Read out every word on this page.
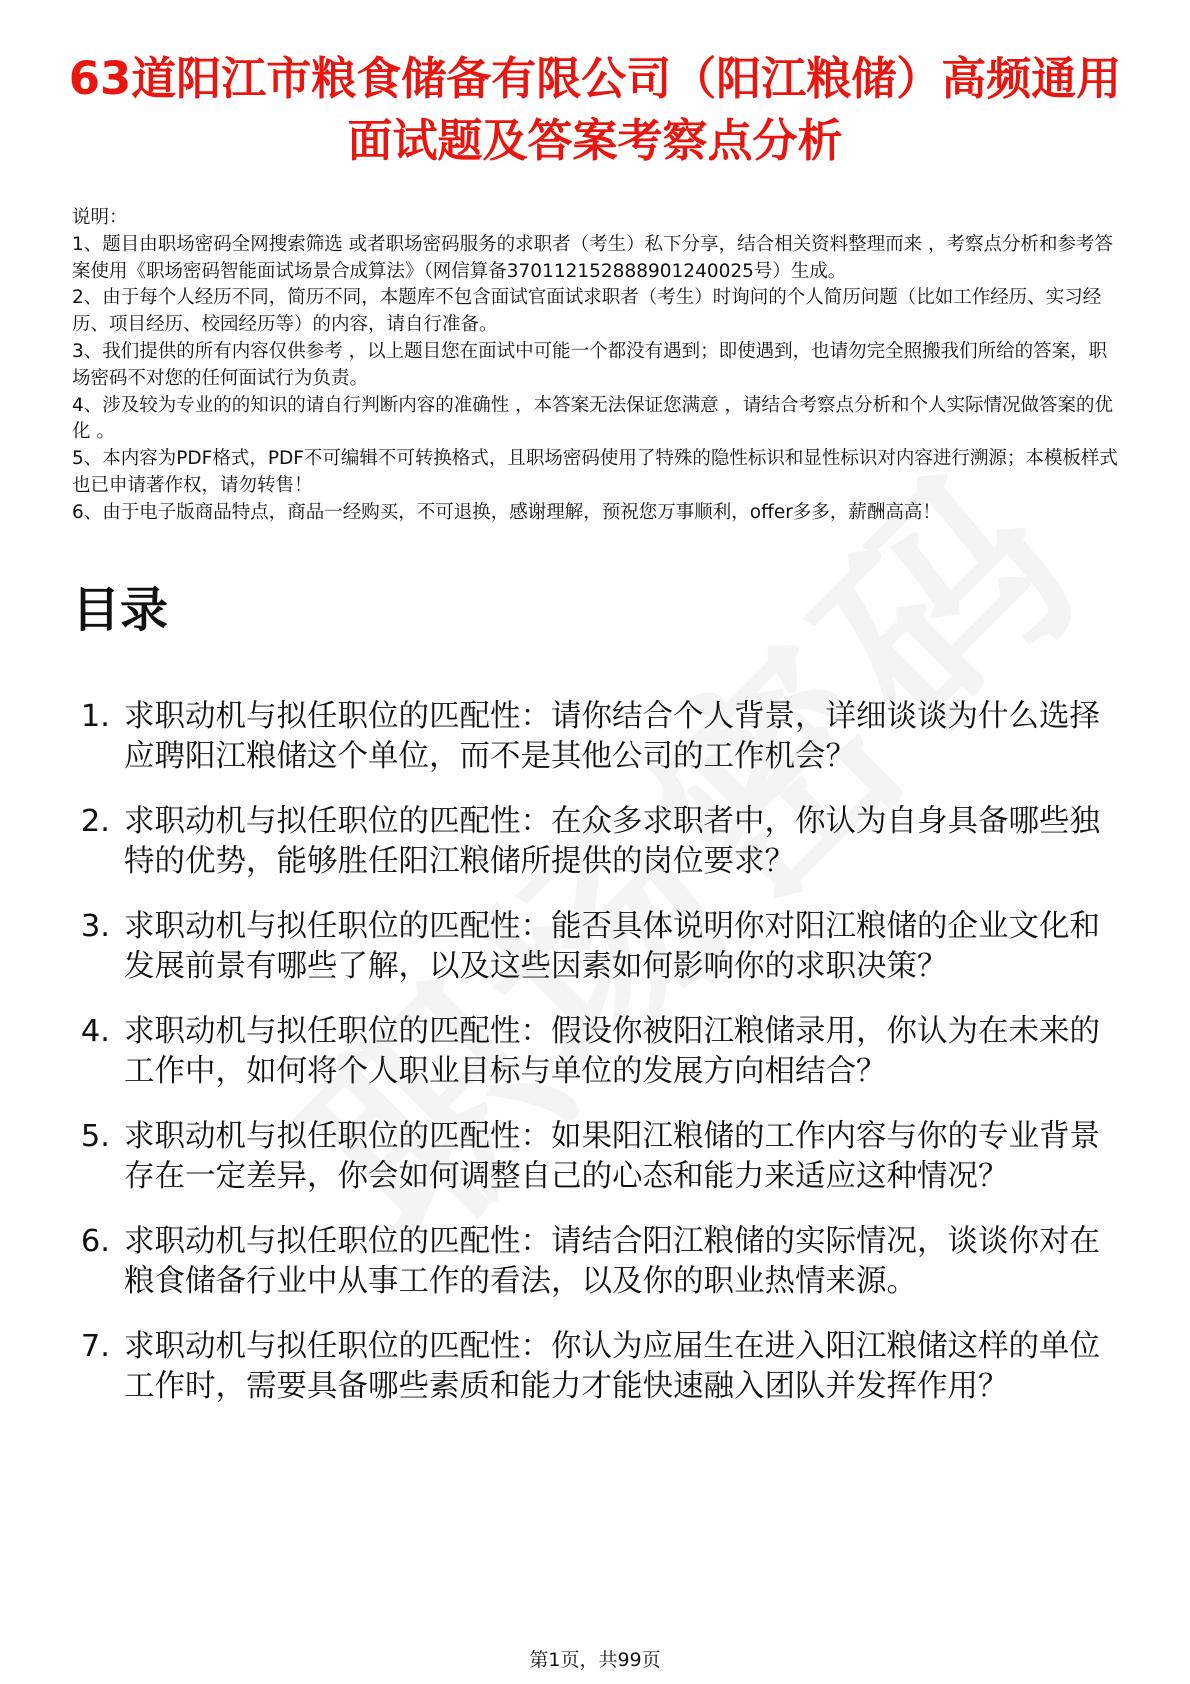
63道阳江市粮食储备有限公司（阳江粮储）高频通用面试题及答案考察点分析

说明：

1、题目由职场密码全网搜索筛选 或者职场密码服务的求职者（考生）私下分享，结合相关资料整理而来 ，考察点分析和参考答案使用《职场密码智能面试场景合成算法》（网信算备370112152888901240025号）生成。

2、由于每个人经历不同，简历不同，本题库不包含面试官面试求职者（考生）时询问的个人简历问题（比如工作经历、实习经历、项目经历、校园经历等）的内容，请自行准备。

3、我们提供的所有内容仅供参考 ，以上题目您在面试中可能一个都没有遇到；即使遇到，也请勿完全照搬我们所给的答案，职场密码不对您的任何面试行为负责。

4、涉及较为专业的的知识的请自行判断内容的准确性 ，本答案无法保证您满意 ，请结合考察点分析和个人实际情况做答案的优化 。

5、本内容为PDF格式，PDF不可编辑不可转换格式，且职场密码使用了特殊的隐性标识和显性标识对内容进行溯源；本模板样式也已申请著作权，请勿转售！

6、由于电子版商品特点，商品一经购买，不可退换，感谢理解，预祝您万事顺利，offer多多，薪酬高高！

目录
1. 求职动机与拟任职位的匹配性：请你结合个人背景，详细谈谈为什么选择应聘阳江粮储这个单位，而不是其他公司的工作机会？
2. 求职动机与拟任职位的匹配性：在众多求职者中，你认为自身具备哪些独特的优势，能够胜任阳江粮储所提供的岗位要求？
3. 求职动机与拟任职位的匹配性：能否具体说明你对阳江粮储的企业文化和发展前景有哪些了解，以及这些因素如何影响你的求职决策？
4. 求职动机与拟任职位的匹配性：假设你被阳江粮储录用，你认为在未来的工作中，如何将个人职业目标与单位的发展方向相结合？
5. 求职动机与拟任职位的匹配性：如果阳江粮储的工作内容与你的专业背景存在一定差异，你会如何调整自己的心态和能力来适应这种情况？
6. 求职动机与拟任职位的匹配性：请结合阳江粮储的实际情况，谈谈你对在粮食储备行业中从事工作的看法，以及你的职业热情来源。
7. 求职动机与拟任职位的匹配性：你认为应届生在进入阳江粮储这样的单位工作时，需要具备哪些素质和能力才能快速融入团队并发挥作用？
第1页，共99页
